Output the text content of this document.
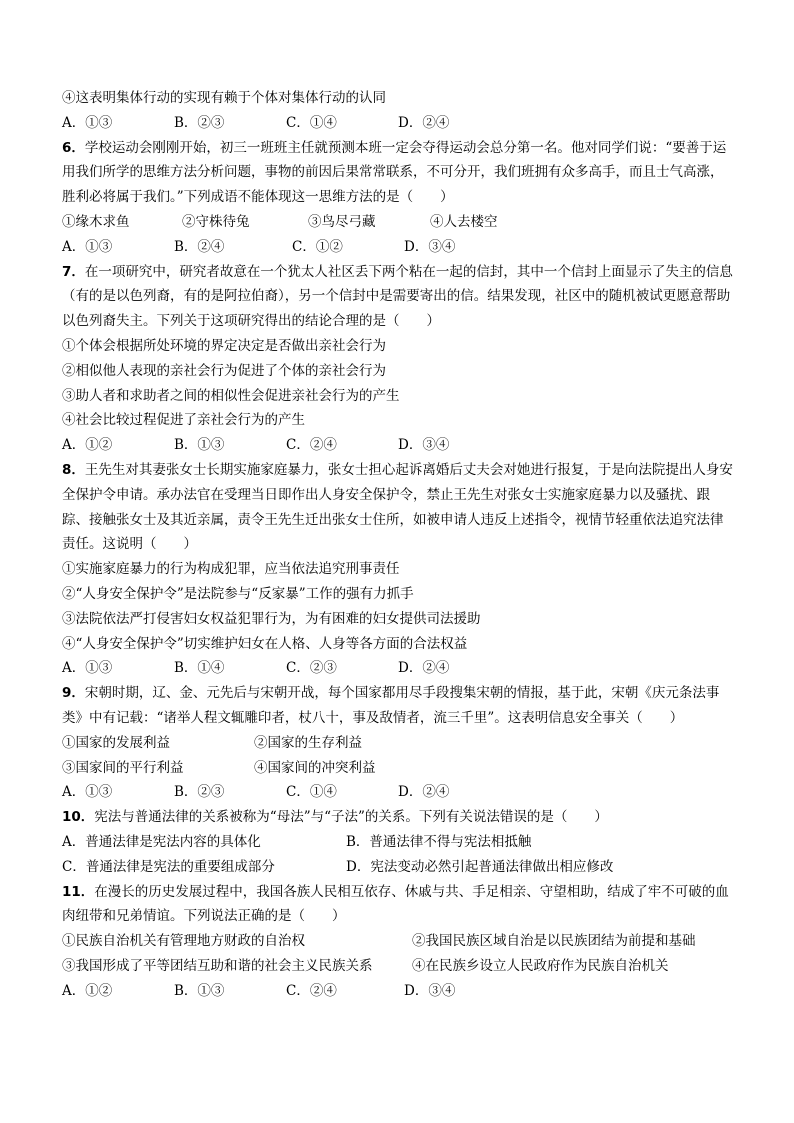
④这表明集体行动的实现有赖于个体对集体行动的认同
A．①③	B．②③	C．①④	D．②④
6．学校运动会刚刚开始，初三一班班主任就预测本班一定会夺得运动会总分第一名。他对同学们说：“要善于运用我们所学的思维方法分析问题，事物的前因后果常常联系，不可分开，我们班拥有众多高手，而且士气高涨，胜利必将属于我们。”下列成语不能体现这一思维方法的是（　　）
①缘木求鱼	②守株待兔	③鸟尽弓藏	④人去楼空
A．①③	B．②④	C．①②	D．③④
7．在一项研究中，研究者故意在一个犹太人社区丢下两个粘在一起的信封，其中一个信封上面显示了失主的信息（有的是以色列裔，有的是阿拉伯裔），另一个信封中是需要寄出的信。结果发现，社区中的随机被试更愿意帮助以色列裔失主。下列关于这项研究得出的结论合理的是（　　）
①个体会根据所处环境的界定决定是否做出亲社会行为
②相似他人表现的亲社会行为促进了个体的亲社会行为
③助人者和求助者之间的相似性会促进亲社会行为的产生
④社会比较过程促进了亲社会行为的产生
A．①②	B．①③	C．②④	D．③④
8．王先生对其妻张女士长期实施家庭暴力，张女士担心起诉离婚后丈夫会对她进行报复，于是向法院提出人身安全保护令申请。承办法官在受理当日即作出人身安全保护令，禁止王先生对张女士实施家庭暴力以及骚扰、跟踪、接触张女士及其近亲属，责令王先生迁出张女士住所，如被申请人违反上述指令，视情节轻重依法追究法律责任。这说明（　　）
①实施家庭暴力的行为构成犯罪，应当依法追究刑事责任
②“人身安全保护令”是法院参与“反家暴”工作的强有力抓手
③法院依法严打侵害妇女权益犯罪行为，为有困难的妇女提供司法援助
④“人身安全保护令”切实维护妇女在人格、人身等各方面的合法权益
A．①③	B．①④	C．②③	D．②④
9．宋朝时期，辽、金、元先后与宋朝开战，每个国家都用尽手段搜集宋朝的情报，基于此，宋朝《庆元条法事类》中有记载：“诸举人程文辄雕印者，杖八十，事及敌情者，流三千里”。这表明信息安全事关（　　）
①国家的发展利益	②国家的生存利益
③国家间的平行利益	④国家间的冲突利益
A．①③	B．②③	C．①④	D．②④
10．宪法与普通法律的关系被称为“母法”与“子法”的关系。下列有关说法错误的是（　　）
A．普通法律是宪法内容的具体化	B．普通法律不得与宪法相抵触
C．普通法律是宪法的重要组成部分	D．宪法变动必然引起普通法律做出相应修改
11．在漫长的历史发展过程中，我国各族人民相互依存、休戚与共、手足相亲、守望相助，结成了牢不可破的血肉纽带和兄弟情谊。下列说法正确的是（　　）
①民族自治机关有管理地方财政的自治权	②我国民族区域自治是以民族团结为前提和基础
③我国形成了平等团结互助和谐的社会主义民族关系	④在民族乡设立人民政府作为民族自治机关
A．①②	B．①③	C．②④	D．③④
